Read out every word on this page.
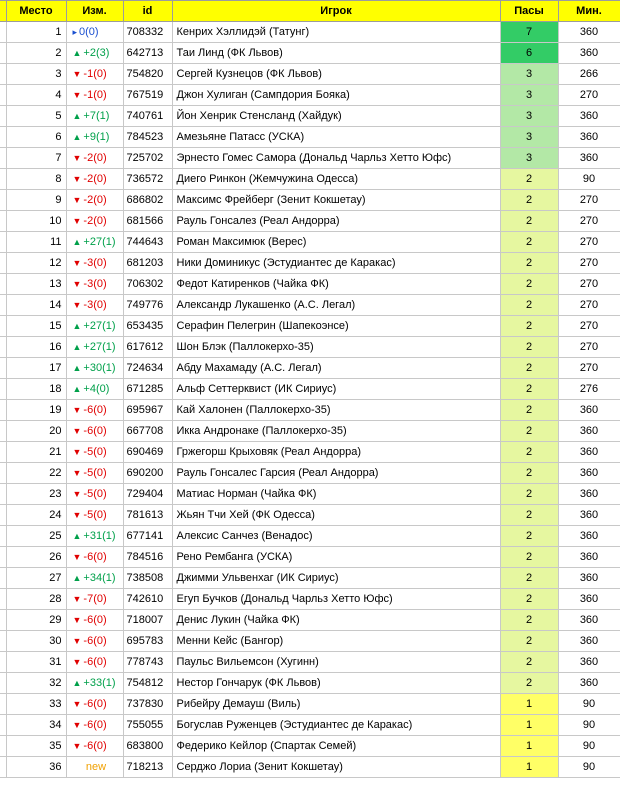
	Место	Изм.	id	Игрок	Пасы	Мин.
	1	▸ 0(0)	708332	Кенрих Хэллидэй (Татунг)	7	360
	2	▲ +2(3)	642713	Таи Линд (ФК Львов)	6	360
	3	▼ -1(0)	754820	Сергей Кузнецов (ФК Львов)	3	266
	4	▼ -1(0)	767519	Джон Хулиган (Сампдория Бояка)	3	270
	5	▲ +7(1)	740761	Йон Хенрик Стенсланд (Хайдук)	3	360
	6	▲ +9(1)	784523	Амезьяне Патасс (УСКА)	3	360
	7	▼ -2(0)	725702	Эрнесто Гомес Самора (Дональд Чарльз Хетто Юфс)	3	360
	8	▼ -2(0)	736572	Диего Ринкон (Жемчужина Одесса)	2	90
	9	▼ -2(0)	686802	Максимс Фрейберг (Зенит Кокшетау)	2	270
	10	▼ -2(0)	681566	Рауль Гонсалез (Реал Андорра)	2	270
	11	▲ +27(1)	744643	Роман Максимюк (Верес)	2	270
	12	▼ -3(0)	681203	Ники Доминикус (Эстудиантес де Каракас)	2	270
	13	▼ -3(0)	706302	Федот Катиренков (Чайка ФК)	2	270
	14	▼ -3(0)	749776	Александр Лукашенко (А.С. Легал)	2	270
	15	▲ +27(1)	653435	Серафин Пелегрин (Шапекоэнсе)	2	270
	16	▲ +27(1)	617612	Шон Блэк (Паллокерхо-35)	2	270
	17	▲ +30(1)	724634	Абду Махамаду (А.С. Легал)	2	270
	18	▲ +4(0)	671285	Альф Сеттерквист (ИК Сириус)	2	276
	19	▼ -6(0)	695967	Кай Халонен (Паллокерхо-35)	2	360
	20	▼ -6(0)	667708	Икка Андронаке (Паллокерхо-35)	2	360
	21	▼ -5(0)	690469	Гржегорш Крыховяк (Реал Андорра)	2	360
	22	▼ -5(0)	690200	Рауль Гонсалес Гарсия (Реал Андорра)	2	360
	23	▼ -5(0)	729404	Матиас Норман (Чайка ФК)	2	360
	24	▼ -5(0)	781613	Жьян Тчи Хей (ФК Одесса)	2	360
	25	▲ +31(1)	677141	Алексис Санчез (Венадос)	2	360
	26	▼ -6(0)	784516	Рено Рембанга (УСКА)	2	360
	27	▲ +34(1)	738508	Джимми Ульвенхаг (ИК Сириус)	2	360
	28	▼ -7(0)	742610	Егуп Бучков (Дональд Чарльз Хетто Юфс)	2	360
	29	▼ -6(0)	718007	Денис Лукин (Чайка ФК)	2	360
	30	▼ -6(0)	695783	Менни Кейс (Бангор)	2	360
	31	▼ -6(0)	778743	Паульс Вильемсон (Хугинн)	2	360
	32	▲ +33(1)	754812	Нестор Гончарук (ФК Львов)	2	360
	33	▼ -6(0)	737830	Рибейру Демауш (Виль)	1	90
	34	▼ -6(0)	755055	Богуслав Руженцев (Эстудиантес де Каракас)	1	90
	35	▼ -6(0)	683800	Федерико Кейлор (Спартак Семей)	1	90
	36	new	718213	Серджо Лориа (Зенит Кокшетау)	1	90
